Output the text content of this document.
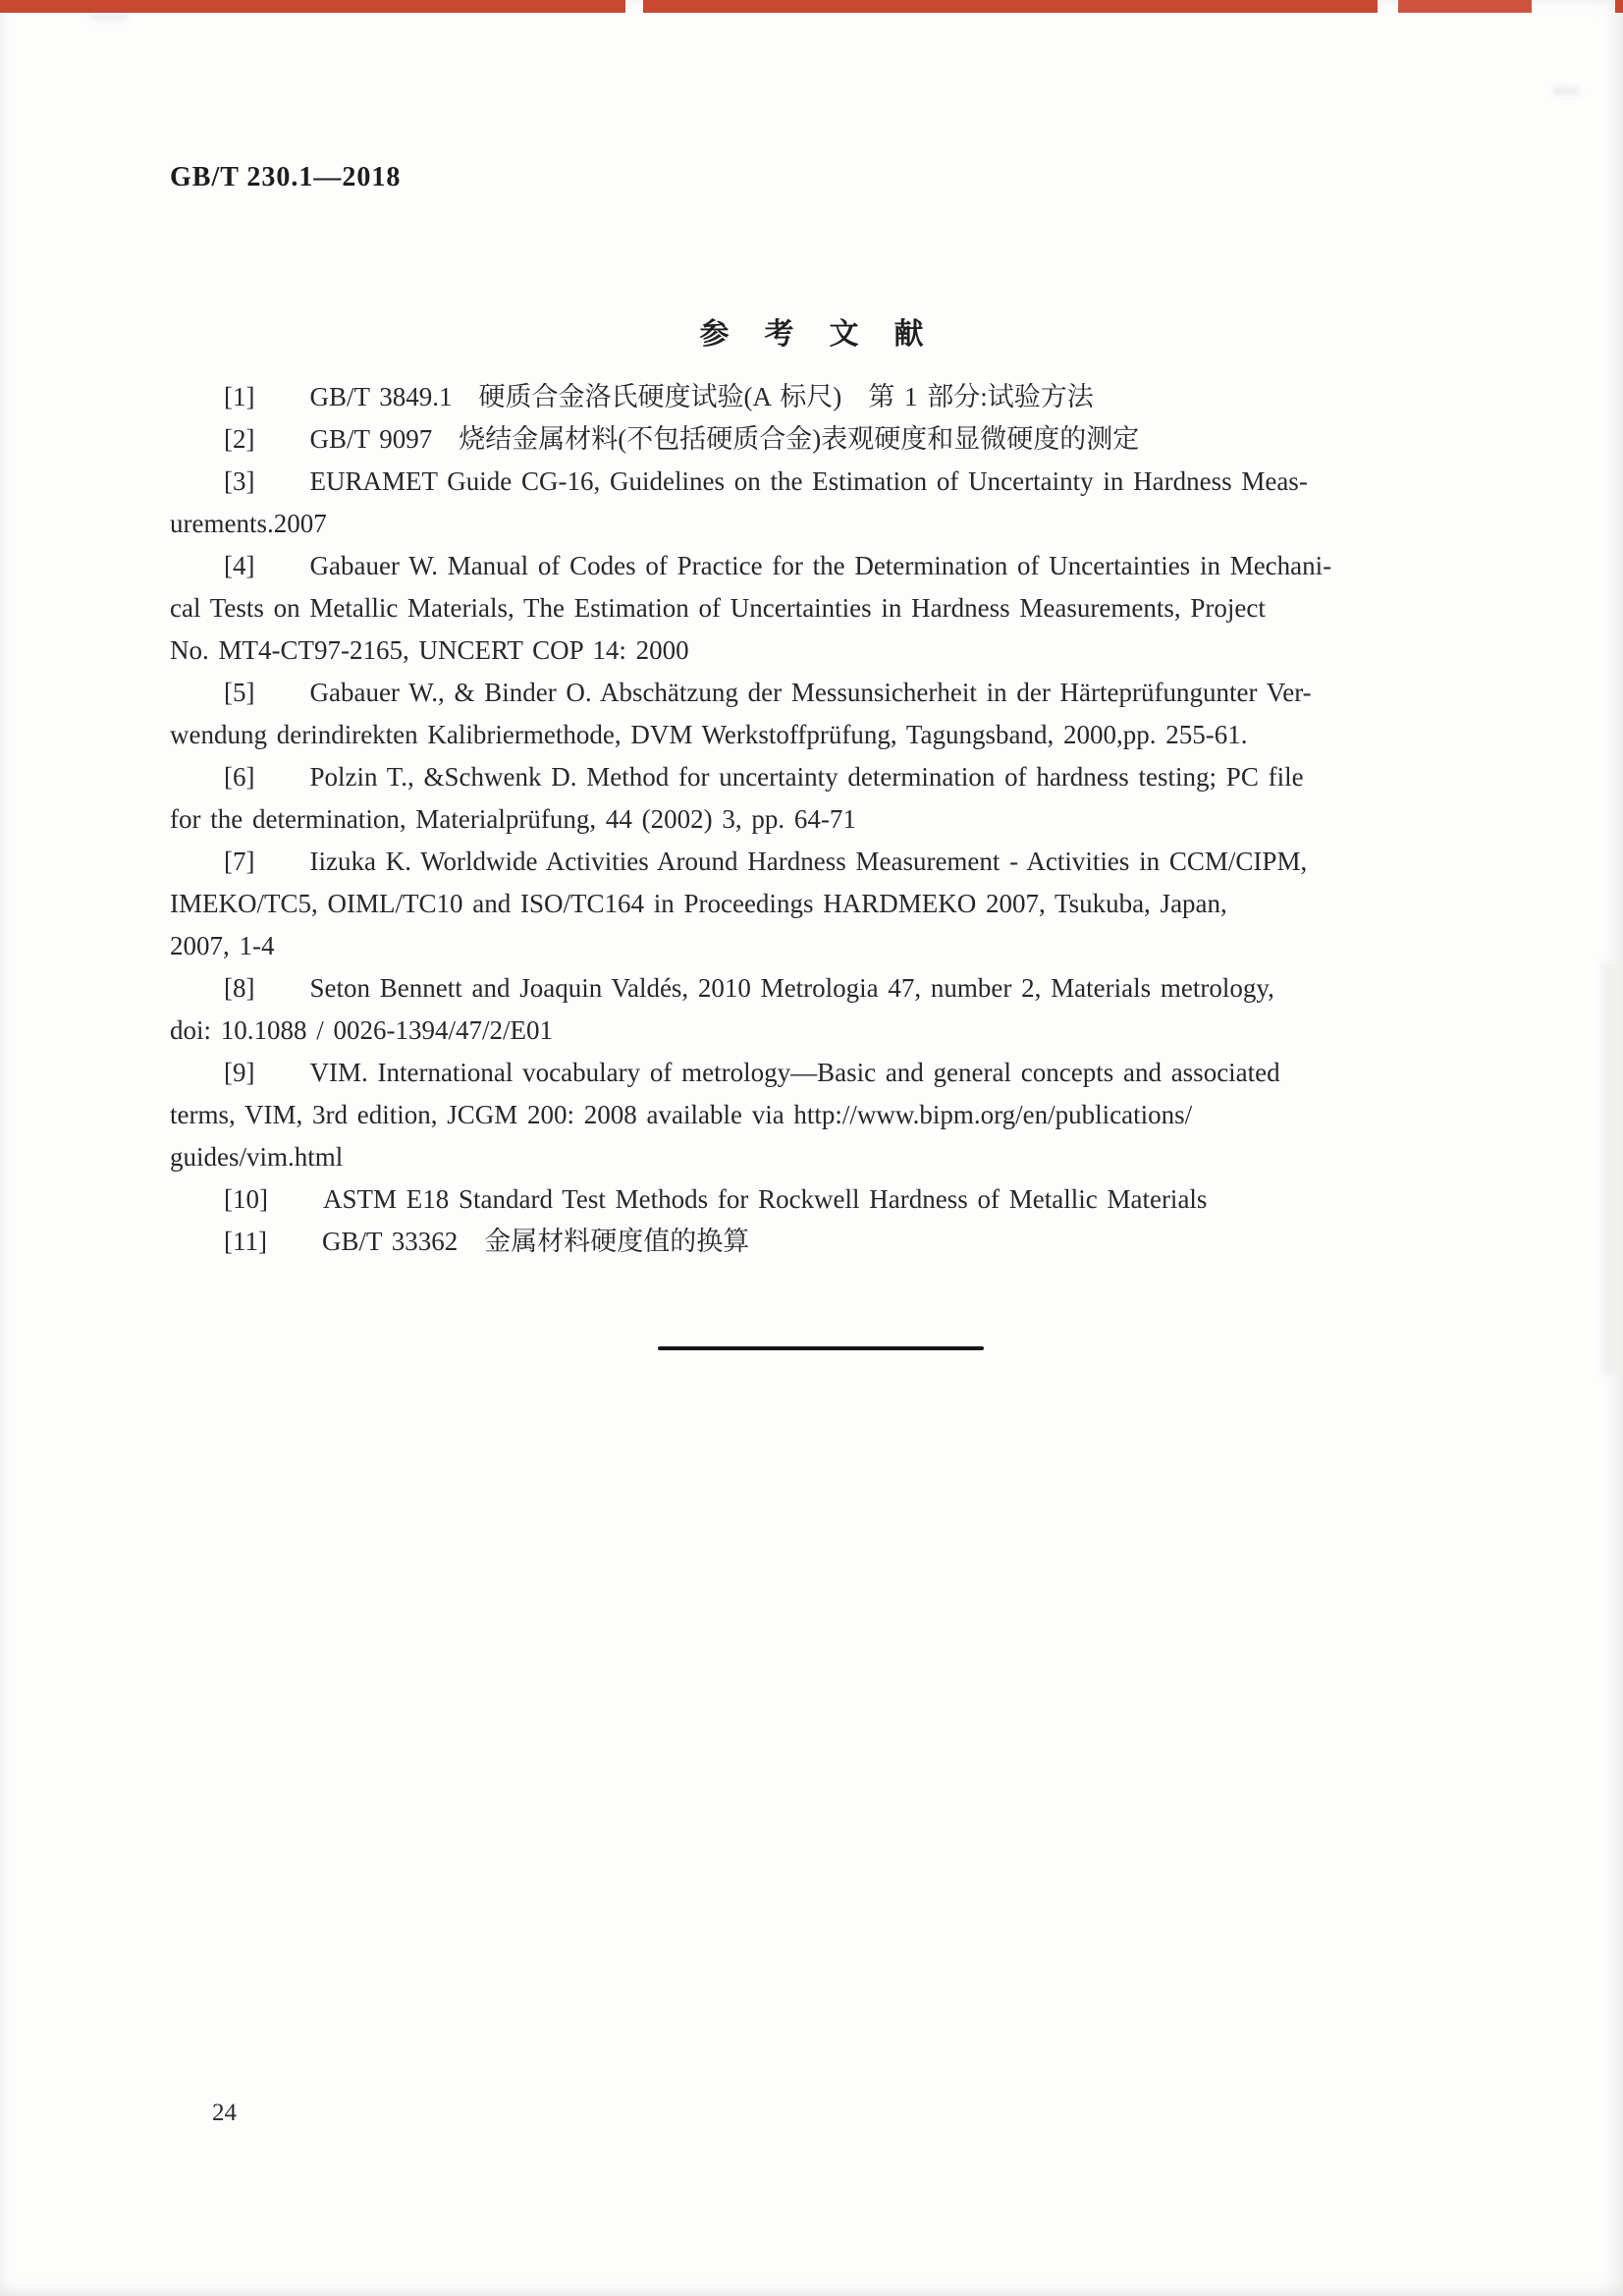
GB/T 230.1—2018
参考文献

[1] GB/T 3849.1　硬质合金洛氏硬度试验(A 标尺)　第 1 部分:试验方法

[2] GB/T 9097　烧结金属材料(不包括硬质合金)表观硬度和显微硬度的测定

[3] EURAMET Guide CG-16, Guidelines on the Estimation of Uncertainty in Hardness Meas-
urements.2007

[4] Gabauer W. Manual of Codes of Practice for the Determination of Uncertainties in Mechani-
cal Tests on Metallic Materials, The Estimation of Uncertainties in Hardness Measurements, Project
No. MT4-CT97-2165, UNCERT COP 14: 2000

[5] Gabauer W., & Binder O. Abschätzung der Messunsicherheit in der Härteprüfungunter Ver-
wendung derindirekten Kalibriermethode, DVM Werkstoffprüfung, Tagungsband, 2000,pp. 255-61.

[6] Polzin T., &Schwenk D. Method for uncertainty determination of hardness testing; PC file
for the determination, Materialprüfung, 44 (2002) 3, pp. 64-71

[7] Iizuka K. Worldwide Activities Around Hardness Measurement - Activities in CCM/CIPM,
IMEKO/TC5, OIML/TC10 and ISO/TC164 in Proceedings HARDMEKO 2007, Tsukuba, Japan,
2007, 1-4

[8] Seton Bennett and Joaquin Valdés, 2010 Metrologia 47, number 2, Materials metrology,
doi: 10.1088 / 0026-1394/47/2/E01

[9] VIM. International vocabulary of metrology—Basic and general concepts and associated
terms, VIM, 3rd edition, JCGM 200: 2008 available via http://www.bipm.org/en/publications/
guides/vim.html

[10] ASTM E18 Standard Test Methods for Rockwell Hardness of Metallic Materials

[11] GB/T 33362　金属材料硬度值的换算

24
